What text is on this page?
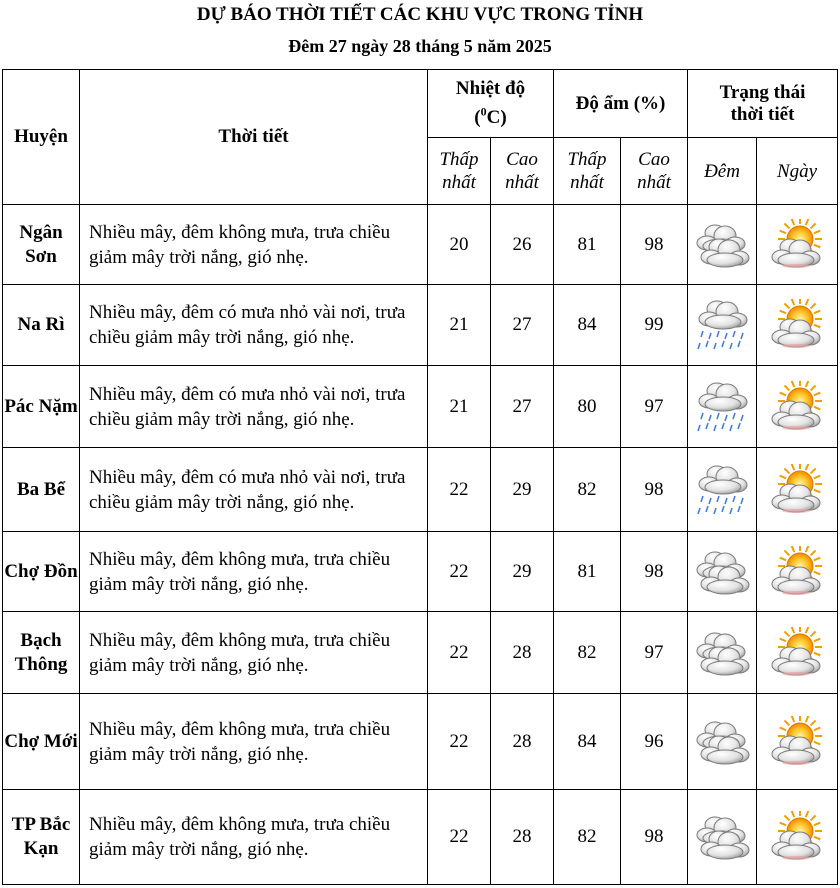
DỰ BÁO THỜI TIẾT CÁC KHU VỰC TRONG TỈNH
Đêm 27 ngày 28 tháng 5 năm 2025
Huyện	Thời tiết	Nhiệt độ
($^0$C)		Độ ẩm (%)		Trạng thái thời tiết	
		Thấp nhất	Cao nhất	Thấp nhất	Cao nhất	Đêm	Ngày
Ngân Sơn	Nhiều mây, đêm không mưa, trưa chiều giảm mây trời nắng, gió nhẹ.	20	26	81	98	

Na Rì	Nhiều mây, đêm có mưa nhỏ vài nơi, trưa chiều giảm mây trời nắng, gió nhẹ.	21	27	84	99	

Pác Nặm	Nhiều mây, đêm có mưa nhỏ vài nơi, trưa chiều giảm mây trời nắng, gió nhẹ.	21	27	80	97	

Ba Bể	Nhiều mây, đêm có mưa nhỏ vài nơi, trưa chiều giảm mây trời nắng, gió nhẹ.	22	29	82	98	

Chợ Đồn	Nhiều mây, đêm không mưa, trưa chiều giảm mây trời nắng, gió nhẹ.	22	29	81	98	

Bạch Thông	Nhiều mây, đêm không mưa, trưa chiều giảm mây trời nắng, gió nhẹ.	22	28	82	97	

Chợ Mới	Nhiều mây, đêm không mưa, trưa chiều giảm mây trời nắng, gió nhẹ.	22	28	84	96	

TP Bắc Kạn	Nhiều mây, đêm không mưa, trưa chiều giảm mây trời nắng, gió nhẹ.	22	28	82	98	
